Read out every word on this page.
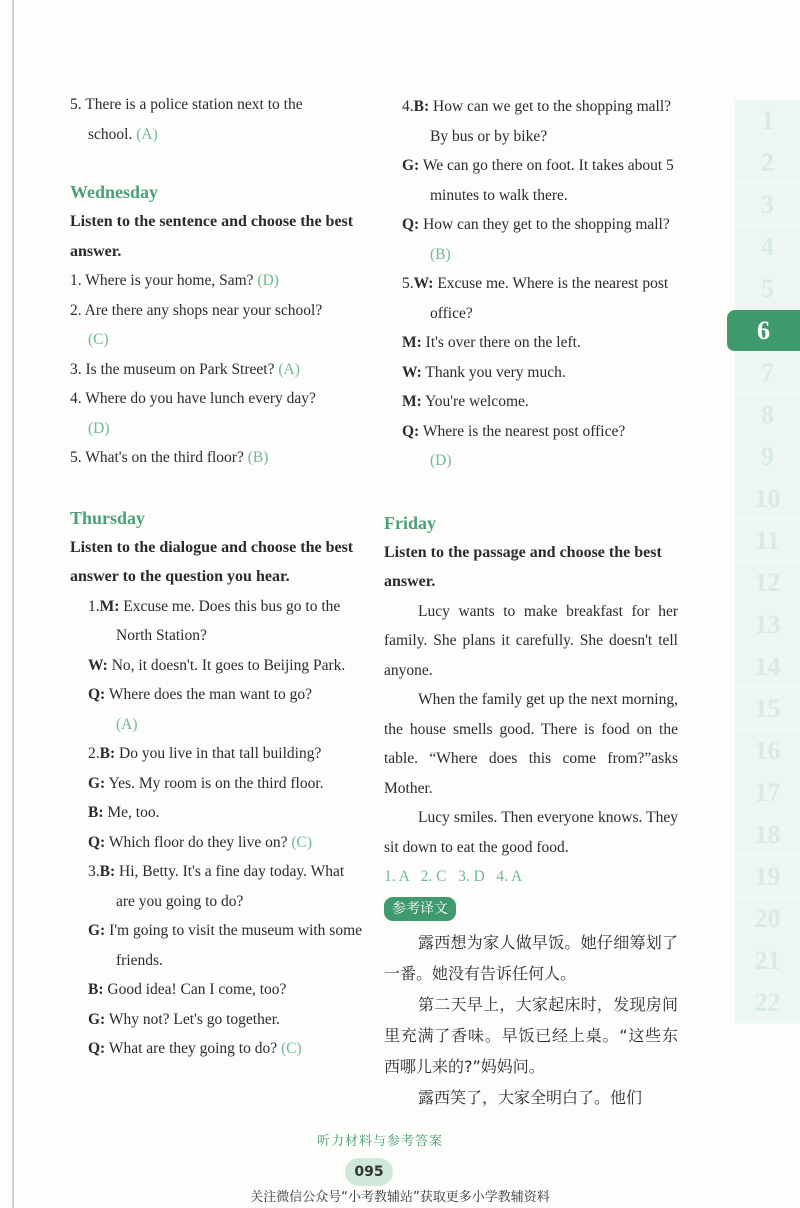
5. There is a police station next to the

school. (A)

Wednesday

Listen to the sentence and choose the best answer.

1. Where is your home, Sam? (D)

2. Are there any shops near your school?

(C)

3. Is the museum on Park Street? (A)

4. Where do you have lunch every day?

(D)

5. What's on the third floor? (B)

Thursday

Listen to the dialogue and choose the best answer to the question you hear.

1.M: Excuse me. Does this bus go to the North Station?

W: No, it doesn't. It goes to Beijing Park.

Q: Where does the man want to go?

(A)

2.B: Do you live in that tall building?

G: Yes. My room is on the third floor.

B: Me, too.

Q: Which floor do they live on? (C)

3.B: Hi, Betty. It's a fine day today. What are you going to do?

G: I'm going to visit the museum with some friends.

B: Good idea! Can I come, too?

G: Why not? Let's go together.

Q: What are they going to do? (C)

4.B: How can we get to the shopping mall? By bus or by bike?

G: We can go there on foot. It takes about 5 minutes to walk there.

Q: How can they get to the shopping mall? (B)

5.W: Excuse me. Where is the nearest post office?

M: It's over there on the left.

W: Thank you very much.

M: You're welcome.

Q: Where is the nearest post office?

(D)

Friday

Listen to the passage and choose the best answer.

Lucy wants to make breakfast for her family. She plans it carefully. She doesn't tell anyone.

When the family get up the next morning, the house smells good. There is food on the table. “Where does this come from?”asks Mother.

Lucy smiles. Then everyone knows. They sit down to eat the good food.

1. A   2. C   3. D   4. A

参考译文

露西想为家人做早饭。她仔细筹划了一番。她没有告诉任何人。

第二天早上，大家起床时，发现房间里充满了香味。早饭已经上桌。“这些东西哪儿来的?”妈妈问。

露西笑了，大家全明白了。他们

1
2
3
4
5
6
7
8
9
10
11
12
13
14
15
16
17
18
19
20
21
22
听力材料与参考答案
095
关注微信公众号“小考教辅站”获取更多小学教辅资料
